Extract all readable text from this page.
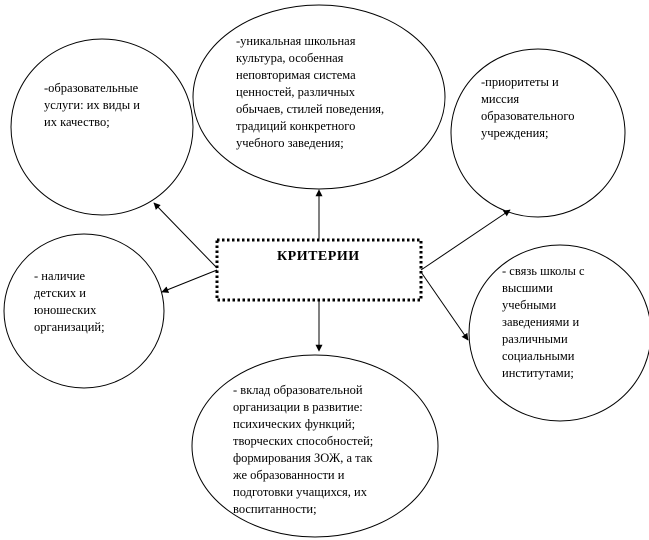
КРИТЕРИИ
-уникальная школьная
культура, особенная
неповторимая система
ценностей, различных
обычаев, стилей поведения,
традиций конкретного
учебного заведения;
-образовательные
услуги: их виды и
их качество;
-приоритеты и
миссия
образовательного
учреждения;
- наличие
детских и
юношеских
организаций;
- связь школы с
высшими
учебными
заведениями и
различными
социальными
институтами;
- вклад образовательной
организации в развитие:
психических функций;
творческих способностей;
формирования ЗОЖ, а так
же образованности и
подготовки учащихся, их
воспитанности;
